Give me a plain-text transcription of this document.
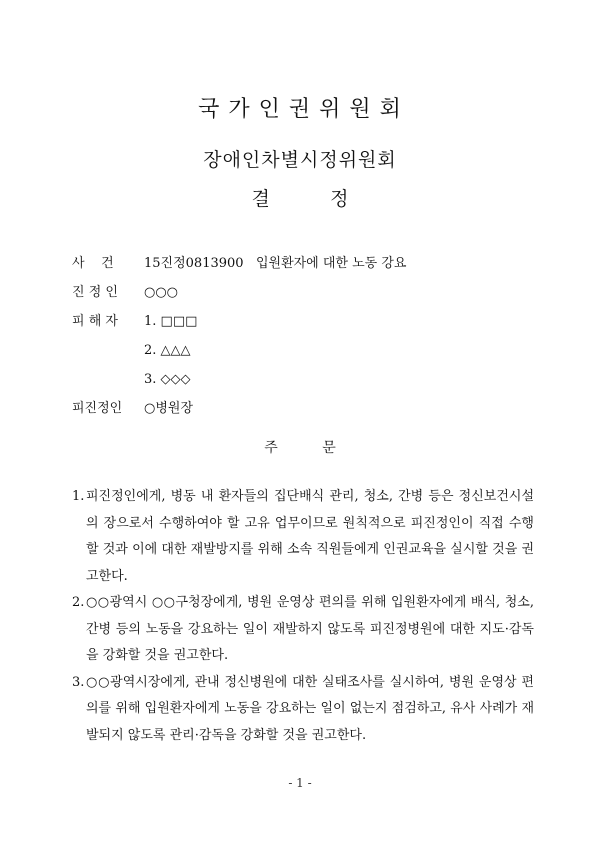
국 가 인 권 위 원 회
장애인차별시정위원회
결          정
사    건	15진정0813900   입원환자에 대한 노동 강요
진 정 인	○○○
피 해 자	1. □□□
2. △△△
3. ◇◇◇
피진정인	○병원장
주          문
1. 피진정인에게, 병동 내 환자들의 집단배식 관리, 청소, 간병 등은 정신보건시설의 장으로서 수행하여야 할 고유 업무이므로 원칙적으로 피진정인이 직접 수행할 것과 이에 대한 재발방지를 위해 소속 직원들에게 인권교육을 실시할 것을 권고한다.
2. ○○광역시 ○○구청장에게, 병원 운영상 편의를 위해 입원환자에게 배식, 청소, 간병 등의 노동을 강요하는 일이 재발하지 않도록 피진정병원에 대한 지도·감독을 강화할 것을 권고한다.
3. ○○광역시장에게, 관내 정신병원에 대한 실태조사를 실시하여, 병원 운영상 편의를 위해 입원환자에게 노동을 강요하는 일이 없는지 점검하고, 유사 사례가 재발되지 않도록 관리·감독을 강화할 것을 권고한다.
- 1 -
